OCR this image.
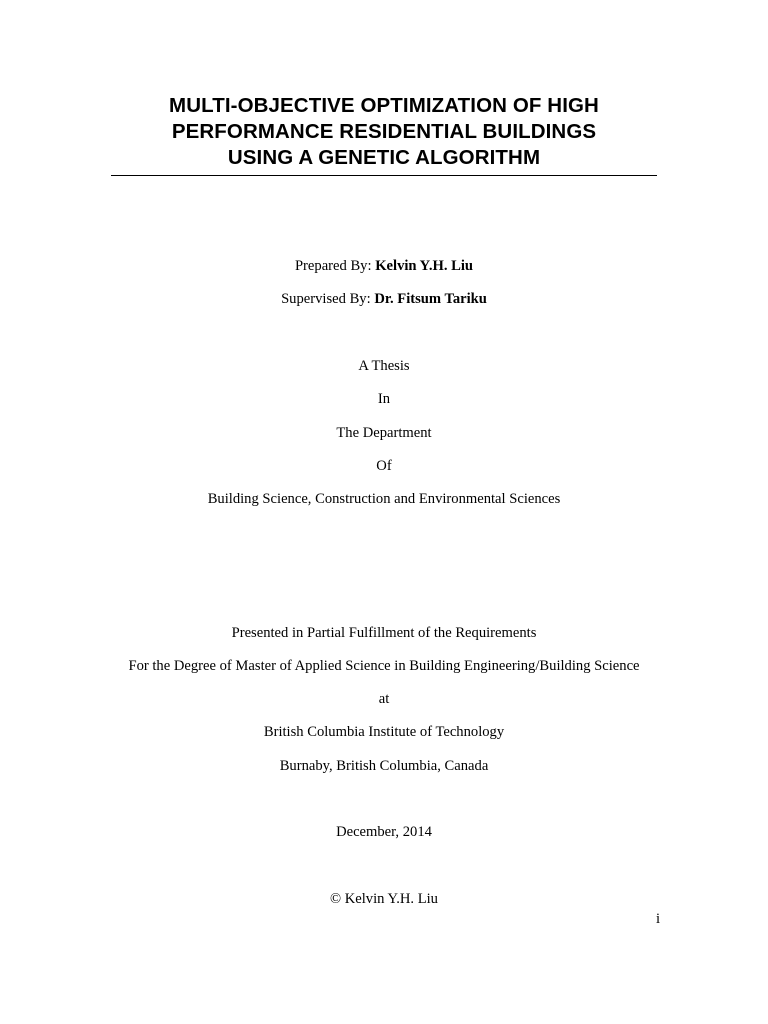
MULTI-OBJECTIVE OPTIMIZATION OF HIGH
PERFORMANCE RESIDENTIAL BUILDINGS
USING A GENETIC ALGORITHM
Prepared By: Kelvin Y.H. Liu
Supervised By: Dr. Fitsum Tariku
A Thesis
In
The Department
Of
Building Science, Construction and Environmental Sciences
Presented in Partial Fulfillment of the Requirements
For the Degree of Master of Applied Science in Building Engineering/Building Science
at
British Columbia Institute of Technology
Burnaby, British Columbia, Canada
December, 2014
© Kelvin Y.H. Liu
i
